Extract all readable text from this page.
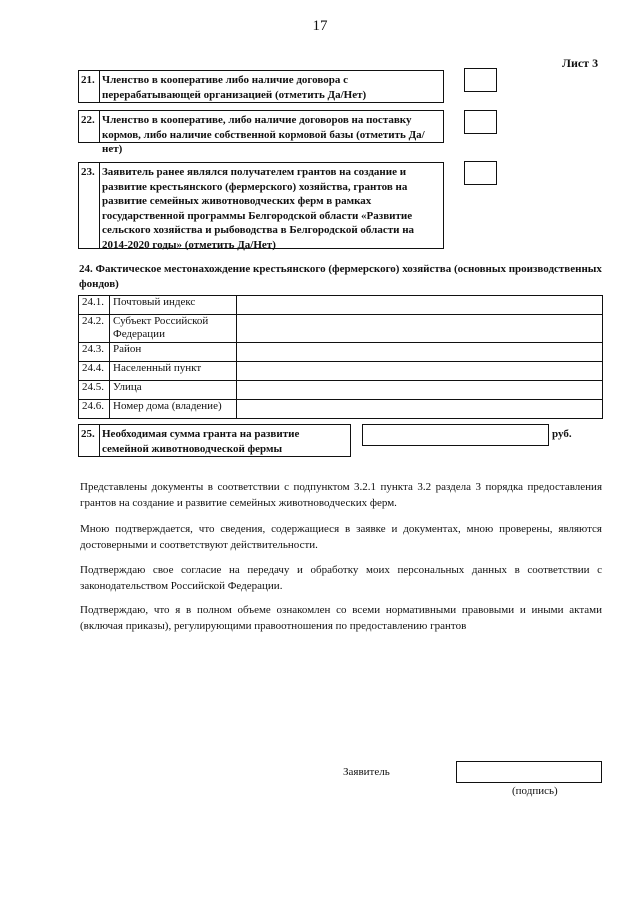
17
Лист 3
21. Членство в кооперативе либо наличие договора с перерабатывающей организацией (отметить Да/Нет)
22. Членство в кооперативе, либо наличие договоров на поставку кормов, либо наличие собственной кормовой базы (отметить Да/нет)
23. Заявитель ранее являлся получателем грантов на создание и развитие крестьянского (фермерского) хозяйства, грантов на развитие семейных животноводческих ферм в рамках государственной программы Белгородской области «Развитие сельского хозяйства и рыбоводства в Белгородской области на 2014-2020 годы» (отметить Да/Нет)
24. Фактическое местонахождение крестьянского (фермерского) хозяйства (основных производственных фондов)
24.1.	Почтовый индекс	
24.2.	Субъект Российской Федерации	
24.3.	Район	
24.4.	Населенный пункт	
24.5.	Улица	
24.6.	Номер дома (владение)	
25. Необходимая сумма гранта на развитие семейной животноводческой фермы
руб.
Представлены документы в соответствии с подпунктом 3.2.1 пункта 3.2 раздела 3 порядка предоставления грантов на создание и развитие семейных животноводческих ферм.
Мною подтверждается, что сведения, содержащиеся в заявке и документах, мною проверены, являются достоверными и соответствуют действительности.
Подтверждаю свое согласие на передачу и обработку моих персональных данных в соответствии с законодательством Российской Федерации.
Подтверждаю, что я в полном объеме ознакомлен со всеми нормативными правовыми и иными актами (включая приказы), регулирующими правоотношения по предоставлению грантов
Заявитель
(подпись)
